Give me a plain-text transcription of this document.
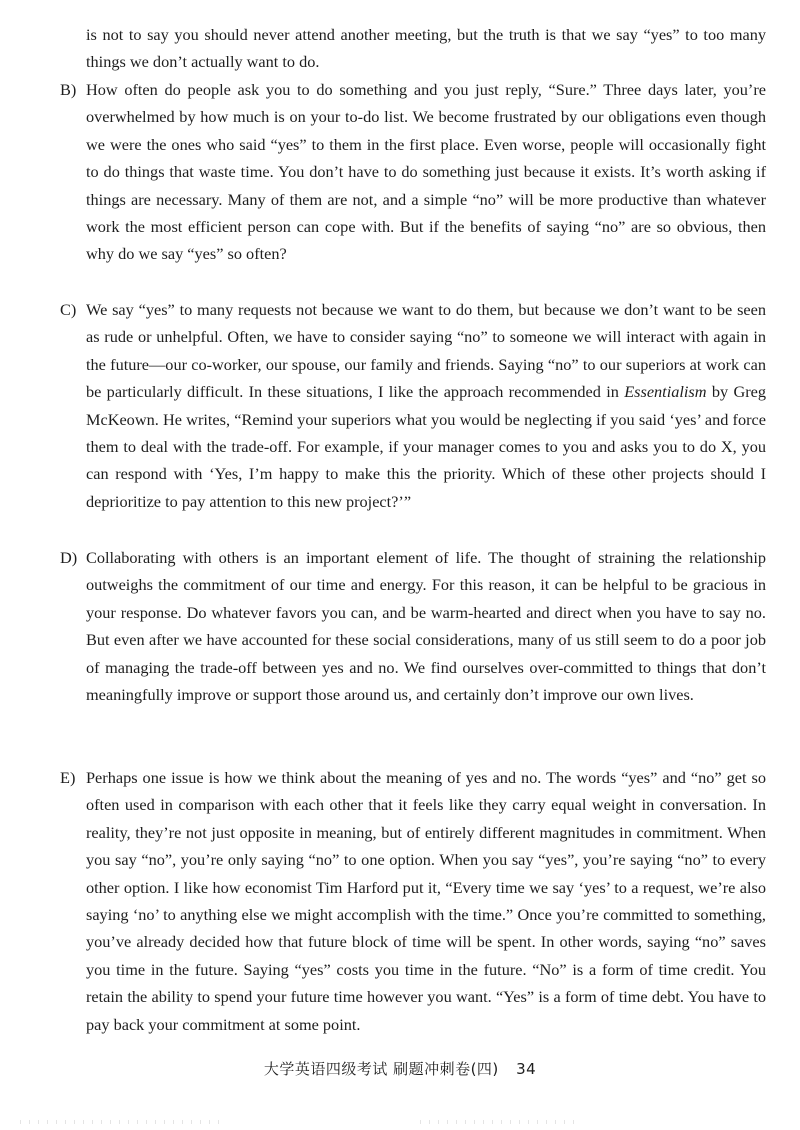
is not to say you should never attend another meeting, but the truth is that we say “yes” to too many things we don’t actually want to do.

B) How often do people ask you to do something and you just reply, “Sure.” Three days later, you’re overwhelmed by how much is on your to-do list. We become frustrated by our obligations even though we were the ones who said “yes” to them in the first place. Even worse, people will occasionally fight to do things that waste time. You don’t have to do something just because it exists. It’s worth asking if things are necessary. Many of them are not, and a simple “no” will be more productive than whatever work the most efficient person can cope with. But if the benefits of saying “no” are so obvious, then why do we say “yes” so often?

C) We say “yes” to many requests not because we want to do them, but because we don’t want to be seen as rude or unhelpful. Often, we have to consider saying “no” to someone we will interact with again in the future—our co-worker, our spouse, our family and friends. Saying “no” to our superiors at work can be particularly difficult. In these situations, I like the approach recommended in Essentialism by Greg McKeown. He writes, “Remind your superiors what you would be neglecting if you said ‘yes’ and force them to deal with the trade-off. For example, if your manager comes to you and asks you to do X, you can respond with ‘Yes, I’m happy to make this the priority. Which of these other projects should I deprioritize to pay attention to this new project?’”

D) Collaborating with others is an important element of life. The thought of straining the relationship outweighs the commitment of our time and energy. For this reason, it can be helpful to be gracious in your response. Do whatever favors you can, and be warm-hearted and direct when you have to say no. But even after we have accounted for these social considerations, many of us still seem to do a poor job of managing the trade-off between yes and no. We find ourselves over-committed to things that don’t meaningfully improve or support those around us, and certainly don’t improve our own lives.

E) Perhaps one issue is how we think about the meaning of yes and no. The words “yes” and “no” get so often used in comparison with each other that it feels like they carry equal weight in conversation. In reality, they’re not just opposite in meaning, but of entirely different magnitudes in commitment. When you say “no”, you’re only saying “no” to one option. When you say “yes”, you’re saying “no” to every other option. I like how economist Tim Harford put it, “Every time we say ‘yes’ to a request, we’re also saying ‘no’ to anything else we might accomplish with the time.” Once you’re committed to something, you’ve already decided how that future block of time will be spent. In other words, saying “no” saves you time in the future. Saying “yes” costs you time in the future. “No” is a form of time credit. You retain the ability to spend your future time however you want. “Yes” is a form of time debt. You have to pay back your commitment at some point.

大学英语四级考试 刷题冲刺卷(四) 34
